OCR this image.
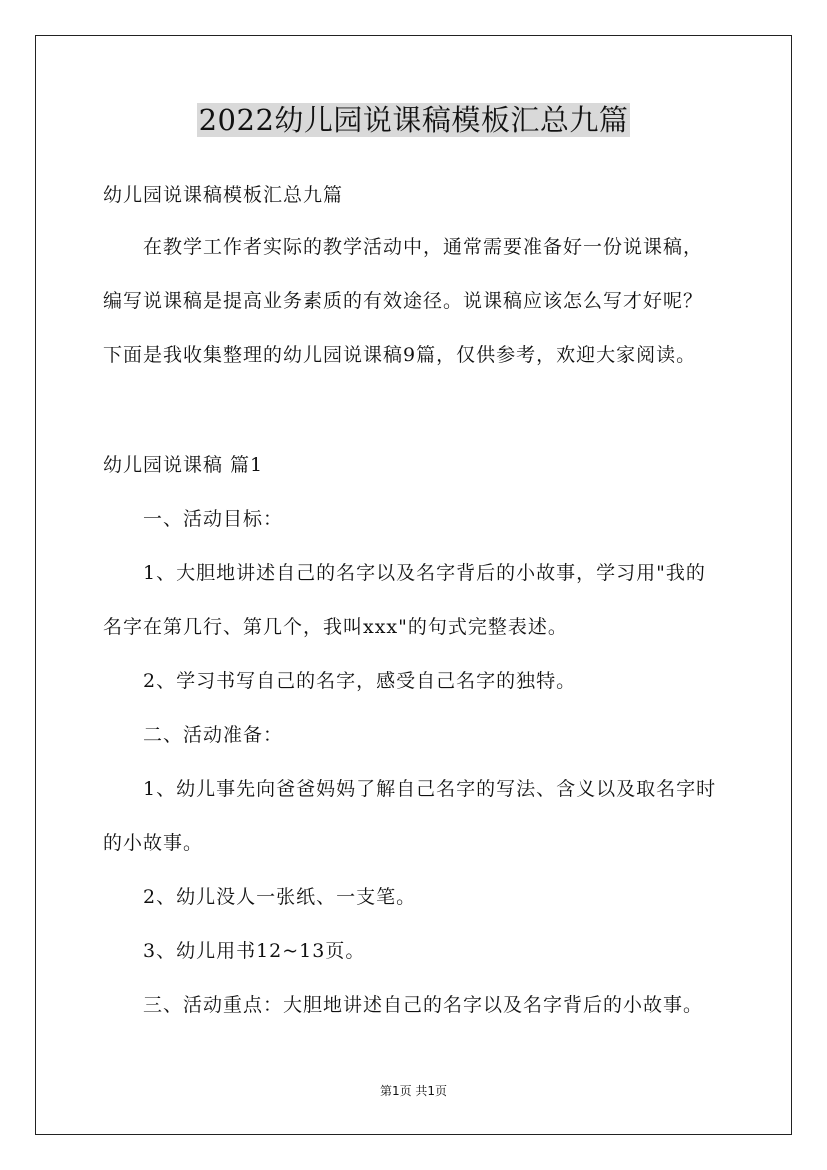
2022幼儿园说课稿模板汇总九篇
幼儿园说课稿模板汇总九篇
在教学工作者实际的教学活动中，通常需要准备好一份说课稿，
编写说课稿是提高业务素质的有效途径。说课稿应该怎么写才好呢？
下面是我收集整理的幼儿园说课稿9篇，仅供参考，欢迎大家阅读。
幼儿园说课稿 篇1
一、活动目标：
1、大胆地讲述自己的名字以及名字背后的小故事，学习用"我的
名字在第几行、第几个，我叫xxx"的句式完整表述。
2、学习书写自己的名字，感受自己名字的独特。
二、活动准备：
1、幼儿事先向爸爸妈妈了解自己名字的写法、含义以及取名字时
的小故事。
2、幼儿没人一张纸、一支笔。
3、幼儿用书12~13页。
三、活动重点：大胆地讲述自己的名字以及名字背后的小故事。
第1页 共1页
